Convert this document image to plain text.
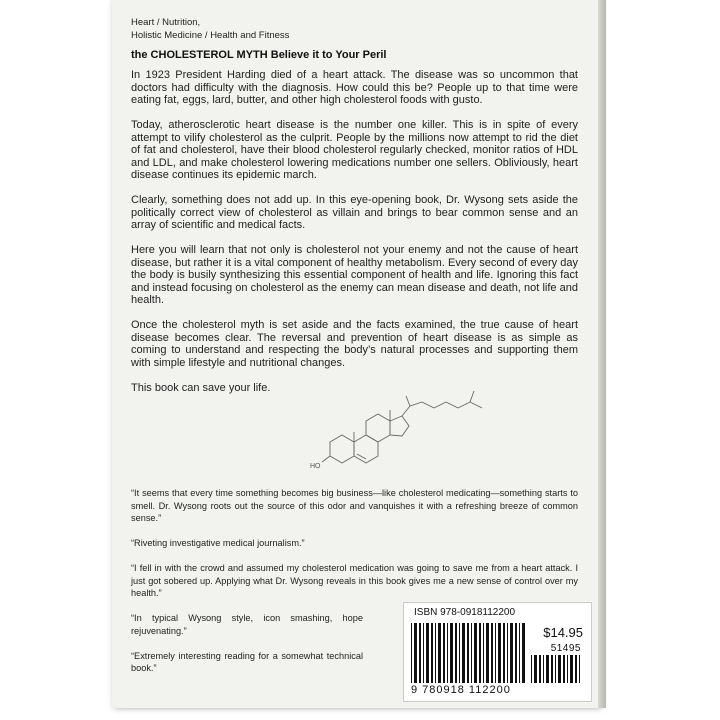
Heart / Nutrition,
Holistic Medicine / Health and Fitness
the CHOLESTEROL MYTH Believe it to Your Peril

In 1923 President Harding died of a heart attack. The disease was so uncommon that doctors had difficulty with the diagnosis. How could this be? People up to that time were eating fat, eggs, lard, butter, and other high cholesterol foods with gusto.

Today, atherosclerotic heart disease is the number one killer. This is in spite of every attempt to vilify cholesterol as the culprit. People by the millions now attempt to rid the diet of fat and cholesterol, have their blood cholesterol regularly checked, monitor ratios of HDL and LDL, and make cholesterol lowering medications number one sellers. Obliviously, heart disease continues its epidemic march.

Clearly, something does not add up. In this eye-opening book, Dr. Wysong sets aside the politically correct view of cholesterol as villain and brings to bear common sense and an array of scientific and medical facts.

Here you will learn that not only is cholesterol not your enemy and not the cause of heart disease, but rather it is a vital component of healthy metabolism. Every second of every day the body is busily synthesizing this essential component of health and life. Ignoring this fact and instead focusing on cholesterol as the enemy can mean disease and death, not life and health.

Once the cholesterol myth is set aside and the facts examined, the true cause of heart disease becomes clear. The reversal and prevention of heart disease is as simple as coming to understand and respecting the body’s natural processes and supporting them with simple lifestyle and nutritional changes.

This book can save your life.

HO

“It seems that every time something becomes big business—like cholesterol medicating—something starts to smell. Dr. Wysong roots out the source of this odor and vanquishes it with a refreshing breeze of common sense.”

“Riveting investigative medical journalism.”

“I fell in with the crowd and assumed my cholesterol medication was going to save me from a heart attack. I just got sobered up. Applying what Dr. Wysong reveals in this book gives me a new sense of control over my health.”

“In typical Wysong style, icon smashing, hope rejuvenating.”

“Extremely interesting reading for a somewhat technical book.”

ISBN 978-0918112200
$14.95
51495
9 780918 112200
